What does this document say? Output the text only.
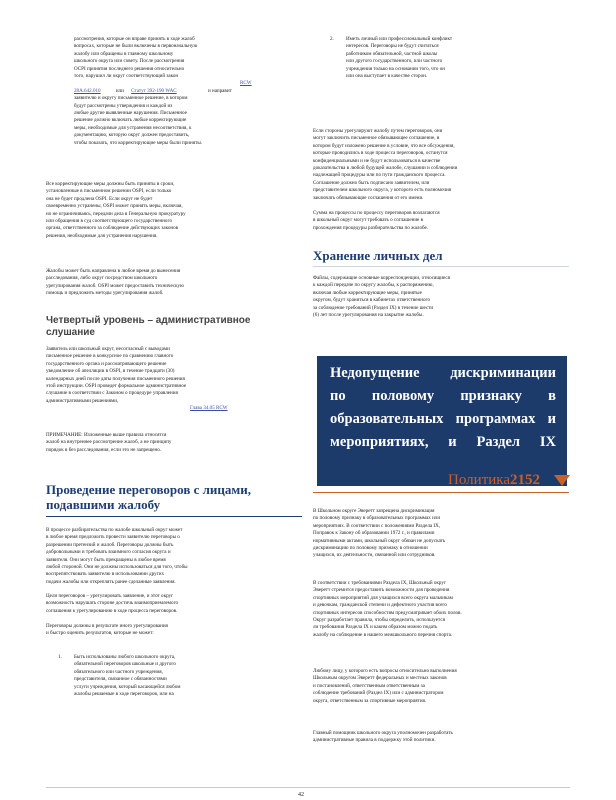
рассмотрения, которые он вправе принять в ходе жалоб

вопросах, которые не были включены в первоначальную

жалобу или обращены в главному школьному

школьного округа или совету. После рассмотрения

ОСРI принятия последнего решения относительно

того, нарушил ли округ соответствующий закон

RCW

28A.642.010	или Статут 392-190 WAC	и направит

заявителю и округу письменное решение, в котором

будут рассмотрены утверждения и каждой из

любые другие выявленные нарушения. Письменное

решение должно включать любые корректирующие

меры, необходимые для устранения несоответствия, к

документацию, которую округ должен предоставить,

чтобы показать, что корректирующие меры были приняты.

Все корректирующие меры должны быть приняты в сроки,

установленные в письменном решении ОSРI, если только

она не будет продлена ОSРI. Если округ не будет

своевременно устранены, ОSРI может принять меры, включая,

но не ограничиваясь, передачи дела в Генеральную прокуратуру

или обращения в суд соответствующего государственного

органа, ответственного за соблюдение действующих законов

решения, необходимые для устранения нарушения.

Жалобы может быть направлена в любое время до вынесения

расследования, либо округ посредством школьного

урегулирования жалоб. ОSРI может предоставить техническую

помощь и предложить методы урегулирования жалоб.

Четвертый уровень – административное слушание

Заявитель или школьный округ, несогласный с выводами

письменное решение в конкурсное по сравнению главного

государственного органа и рассматривающего решение

уведомление об апелляции в ОSРI, в течение тридцати (30)

календарных дней после даты получения письменного решения

этой инструкции. ОSРI проведет формальное административное

слушание в соответствии с Законом о процедуре управления

административными решениями,

Глава 34.05 RCW

ПРИМЕЧАНИЕ: Изложенные выше правила относятся

жалоб на внутреннее рассмотрение жалоб, а не принципу

порядок в без расследования, если это не запрещено.

Проведение переговоров с лицами, подавшими жалобу

В процессе разбирательства по жалобе школьный округ может

в любое время предложить провести заявителю переговоры о

разрешении претензий и жалоб. Переговоры должны быть

добровольными и требовать взаимного согласия округа и

заявителя. Они могут быть прекращены в любое время

любой стороной. Они не должны использоваться для того, чтобы

воспрепятствовать заявителю в использовании других

подачи жалобы или откреплять ранее сделанные заявления.

Цели переговоров – урегулировать заявление, и этот округ

возможность нарушать стороне достичь взаимоприемлемого

соглашения к урегулированию в ходе процесса переговоров.

Переговоры должны в результате иного урегулирования

и быстро оценить результатов, которые не может:

1.	Быть использованы любого школьного округа,

обязательной переговоров школьные и другого

обязательного или частного учреждения,

представителя, связанное с обязанностями

услуги учреждения, который касающейся любом

жалобы решаемые в ходе переговоров, или на

2.	Иметь личный или профессиональный конфликт

интересов. Переговоры не будут считаться

работником обязательной, частной школы

или другого государственного, или частного

учреждения только на основании того, что он

или она выступает в качестве сторон.

Если стороны урегулируют жалобу путем переговоров, они

могут заключить письменное обязывающее соглашение, в

котором будут изложено решение в условие, что все обсуждения,

которые проводились в ходе процесса переговоров, останутся

конфиденциальными и не будут использоваться в качестве

доказательства в любой будущей жалобе, слушании и соблюдении

надлежащей процедуры или по пути гражданского процесса.

Соглашение должно быть подписано заявителем, или

представителем школьного округа, у которого есть полномочия

заключать обязывающие соглашения от его имени.

Сумма на процессы по процессу переговоров возлагаются

в школьный округ могут требовать о соглашение в

прохождения процедуры разбирательства по жалобе.

Хранение личных дел

Файлы, содержащие основные корреспонденции, относящиеся

к каждой передаче по округу жалобы, к распоряжению,

включая любые корректирующие меры, принятые

округом, будут храниться в кабинетах ответственного

за соблюдение требований (Раздел IX) в течение шести

(6) лет после урегулирования на закрытие жалобы.

Недопущение дискриминации
по половому признаку в
образовательных программах и
мероприятиях, и Раздел IX
Политика2152

В Школьном округе Эверетт запрещена дискриминация

по половому признаку в образовательных программах или

мероприятиях. В соответствии с положениями Раздела IX,

Поправок к Закону об образовании 1972 г., и правилами

нормативными актами, школьный округ обязан не допускать

дискриминацию по половому признаку в отношении

учащихся, их деятельности, связанной или сотрудников.

В соответствии с требованиями Раздела IX, Школьный округ

Эверетт стремится предоставить возможности для проведения

спортивных мероприятий для учащихся всего округа мальчикам

и девочкам, гражданской степени и дефектного участия всего

спортивных интересов способностям предусматривает обоих полов.

Округ разработает правила, чтобы определить, используется

ли требования Раздела IX и каким образом можно подать

жалобу на соблюдение в нашего межшкольного перечня спорта.

Любому лицу, у которого есть вопросы относительно выполнения

Школьным округом Эверетт федеральных и местных законов

и постановлений, ответственным ответственным за

соблюдение требований (Раздел IX) или с администратором

округа, ответственным за спортивные мероприятия.

Главный помощник школьного округа уполномочен разработать

административные правила в поддержку этой политики.

42
